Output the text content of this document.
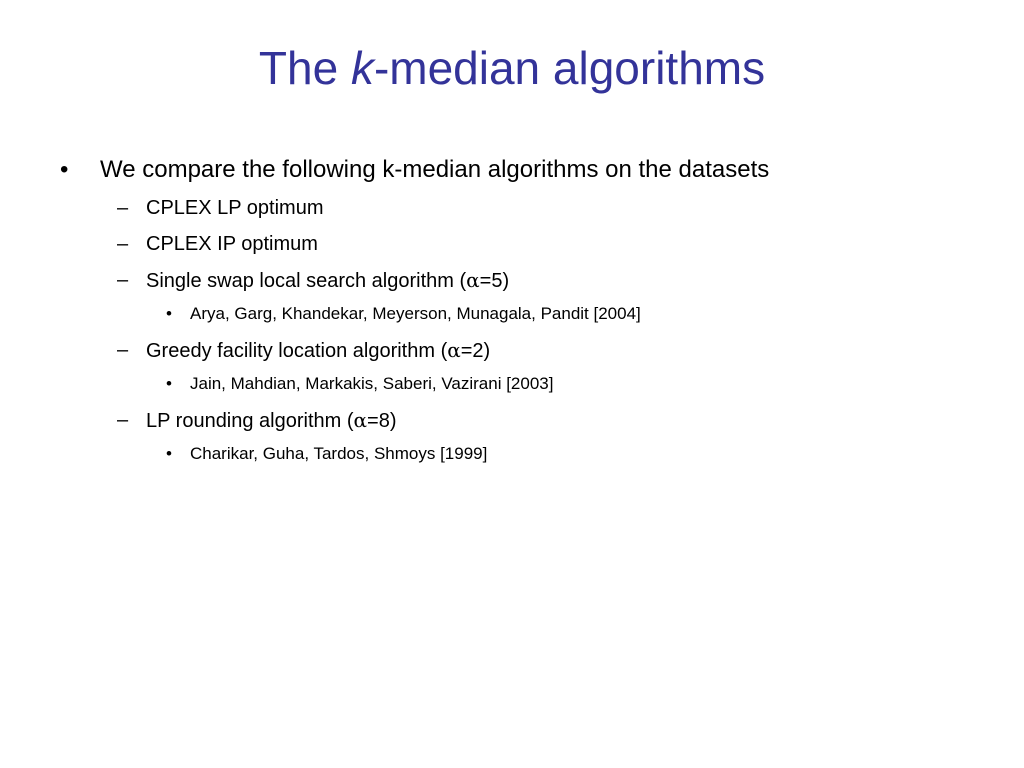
The k-median algorithms
• We compare the following k-median algorithms on the datasets
– CPLEX LP optimum
– CPLEX IP optimum
– Single swap local search algorithm (α=5)
• Arya, Garg, Khandekar, Meyerson, Munagala, Pandit [2004]
– Greedy facility location algorithm (α=2)
• Jain, Mahdian, Markakis, Saberi, Vazirani [2003]
– LP rounding algorithm (α=8)
• Charikar, Guha, Tardos, Shmoys [1999]
